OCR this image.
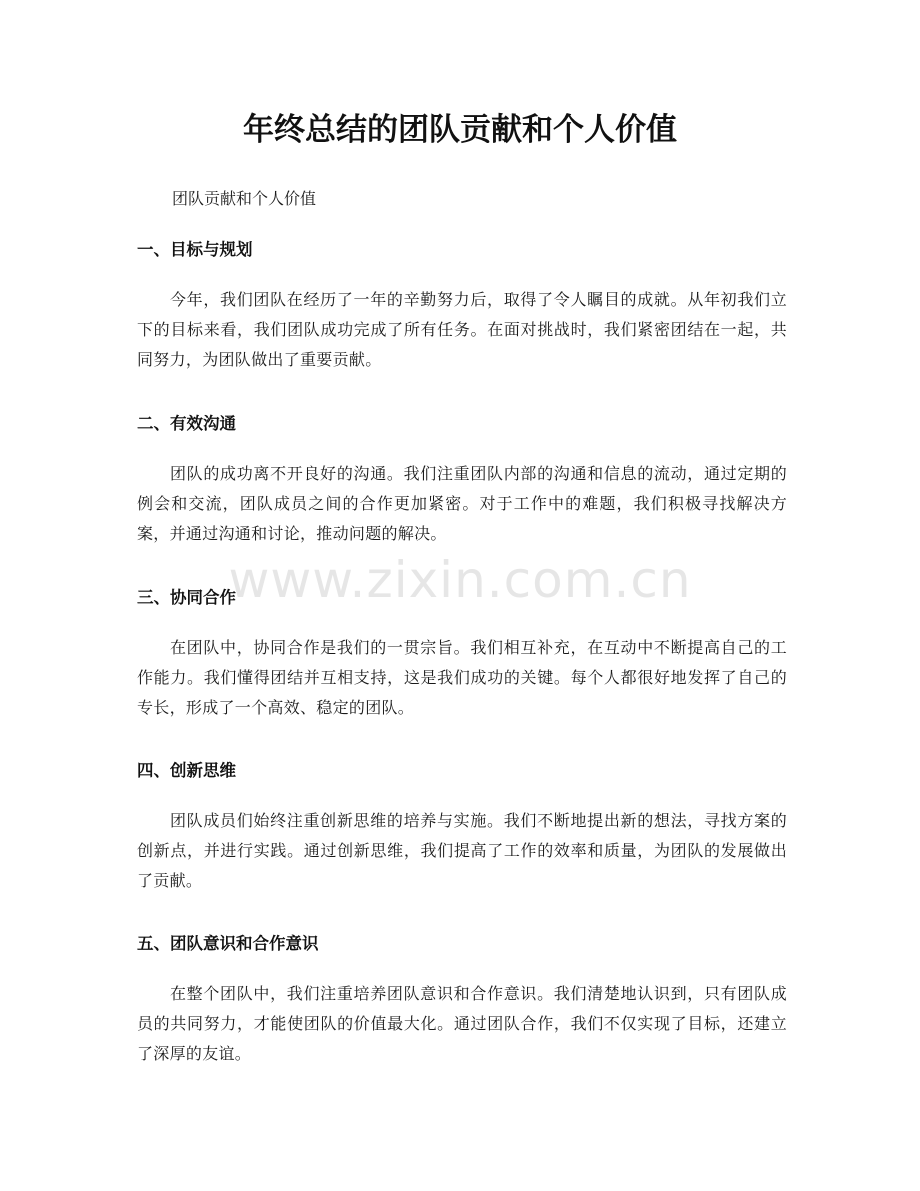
年终总结的团队贡献和个人价值

团队贡献和个人价值

一、目标与规划

今年，我们团队在经历了一年的辛勤努力后，取得了令人瞩目的成就。从年初我们立下的目标来看，我们团队成功完成了所有任务。在面对挑战时，我们紧密团结在一起，共同努力，为团队做出了重要贡献。

二、有效沟通

团队的成功离不开良好的沟通。我们注重团队内部的沟通和信息的流动，通过定期的例会和交流，团队成员之间的合作更加紧密。对于工作中的难题，我们积极寻找解决方案，并通过沟通和讨论，推动问题的解决。

三、协同合作

在团队中，协同合作是我们的一贯宗旨。我们相互补充，在互动中不断提高自己的工作能力。我们懂得团结并互相支持，这是我们成功的关键。每个人都很好地发挥了自己的专长，形成了一个高效、稳定的团队。

四、创新思维

团队成员们始终注重创新思维的培养与实施。我们不断地提出新的想法，寻找方案的创新点，并进行实践。通过创新思维，我们提高了工作的效率和质量，为团队的发展做出了贡献。

五、团队意识和合作意识

在整个团队中，我们注重培养团队意识和合作意识。我们清楚地认识到，只有团队成员的共同努力，才能使团队的价值最大化。通过团队合作，我们不仅实现了目标，还建立了深厚的友谊。

www.zixin.com.cn
